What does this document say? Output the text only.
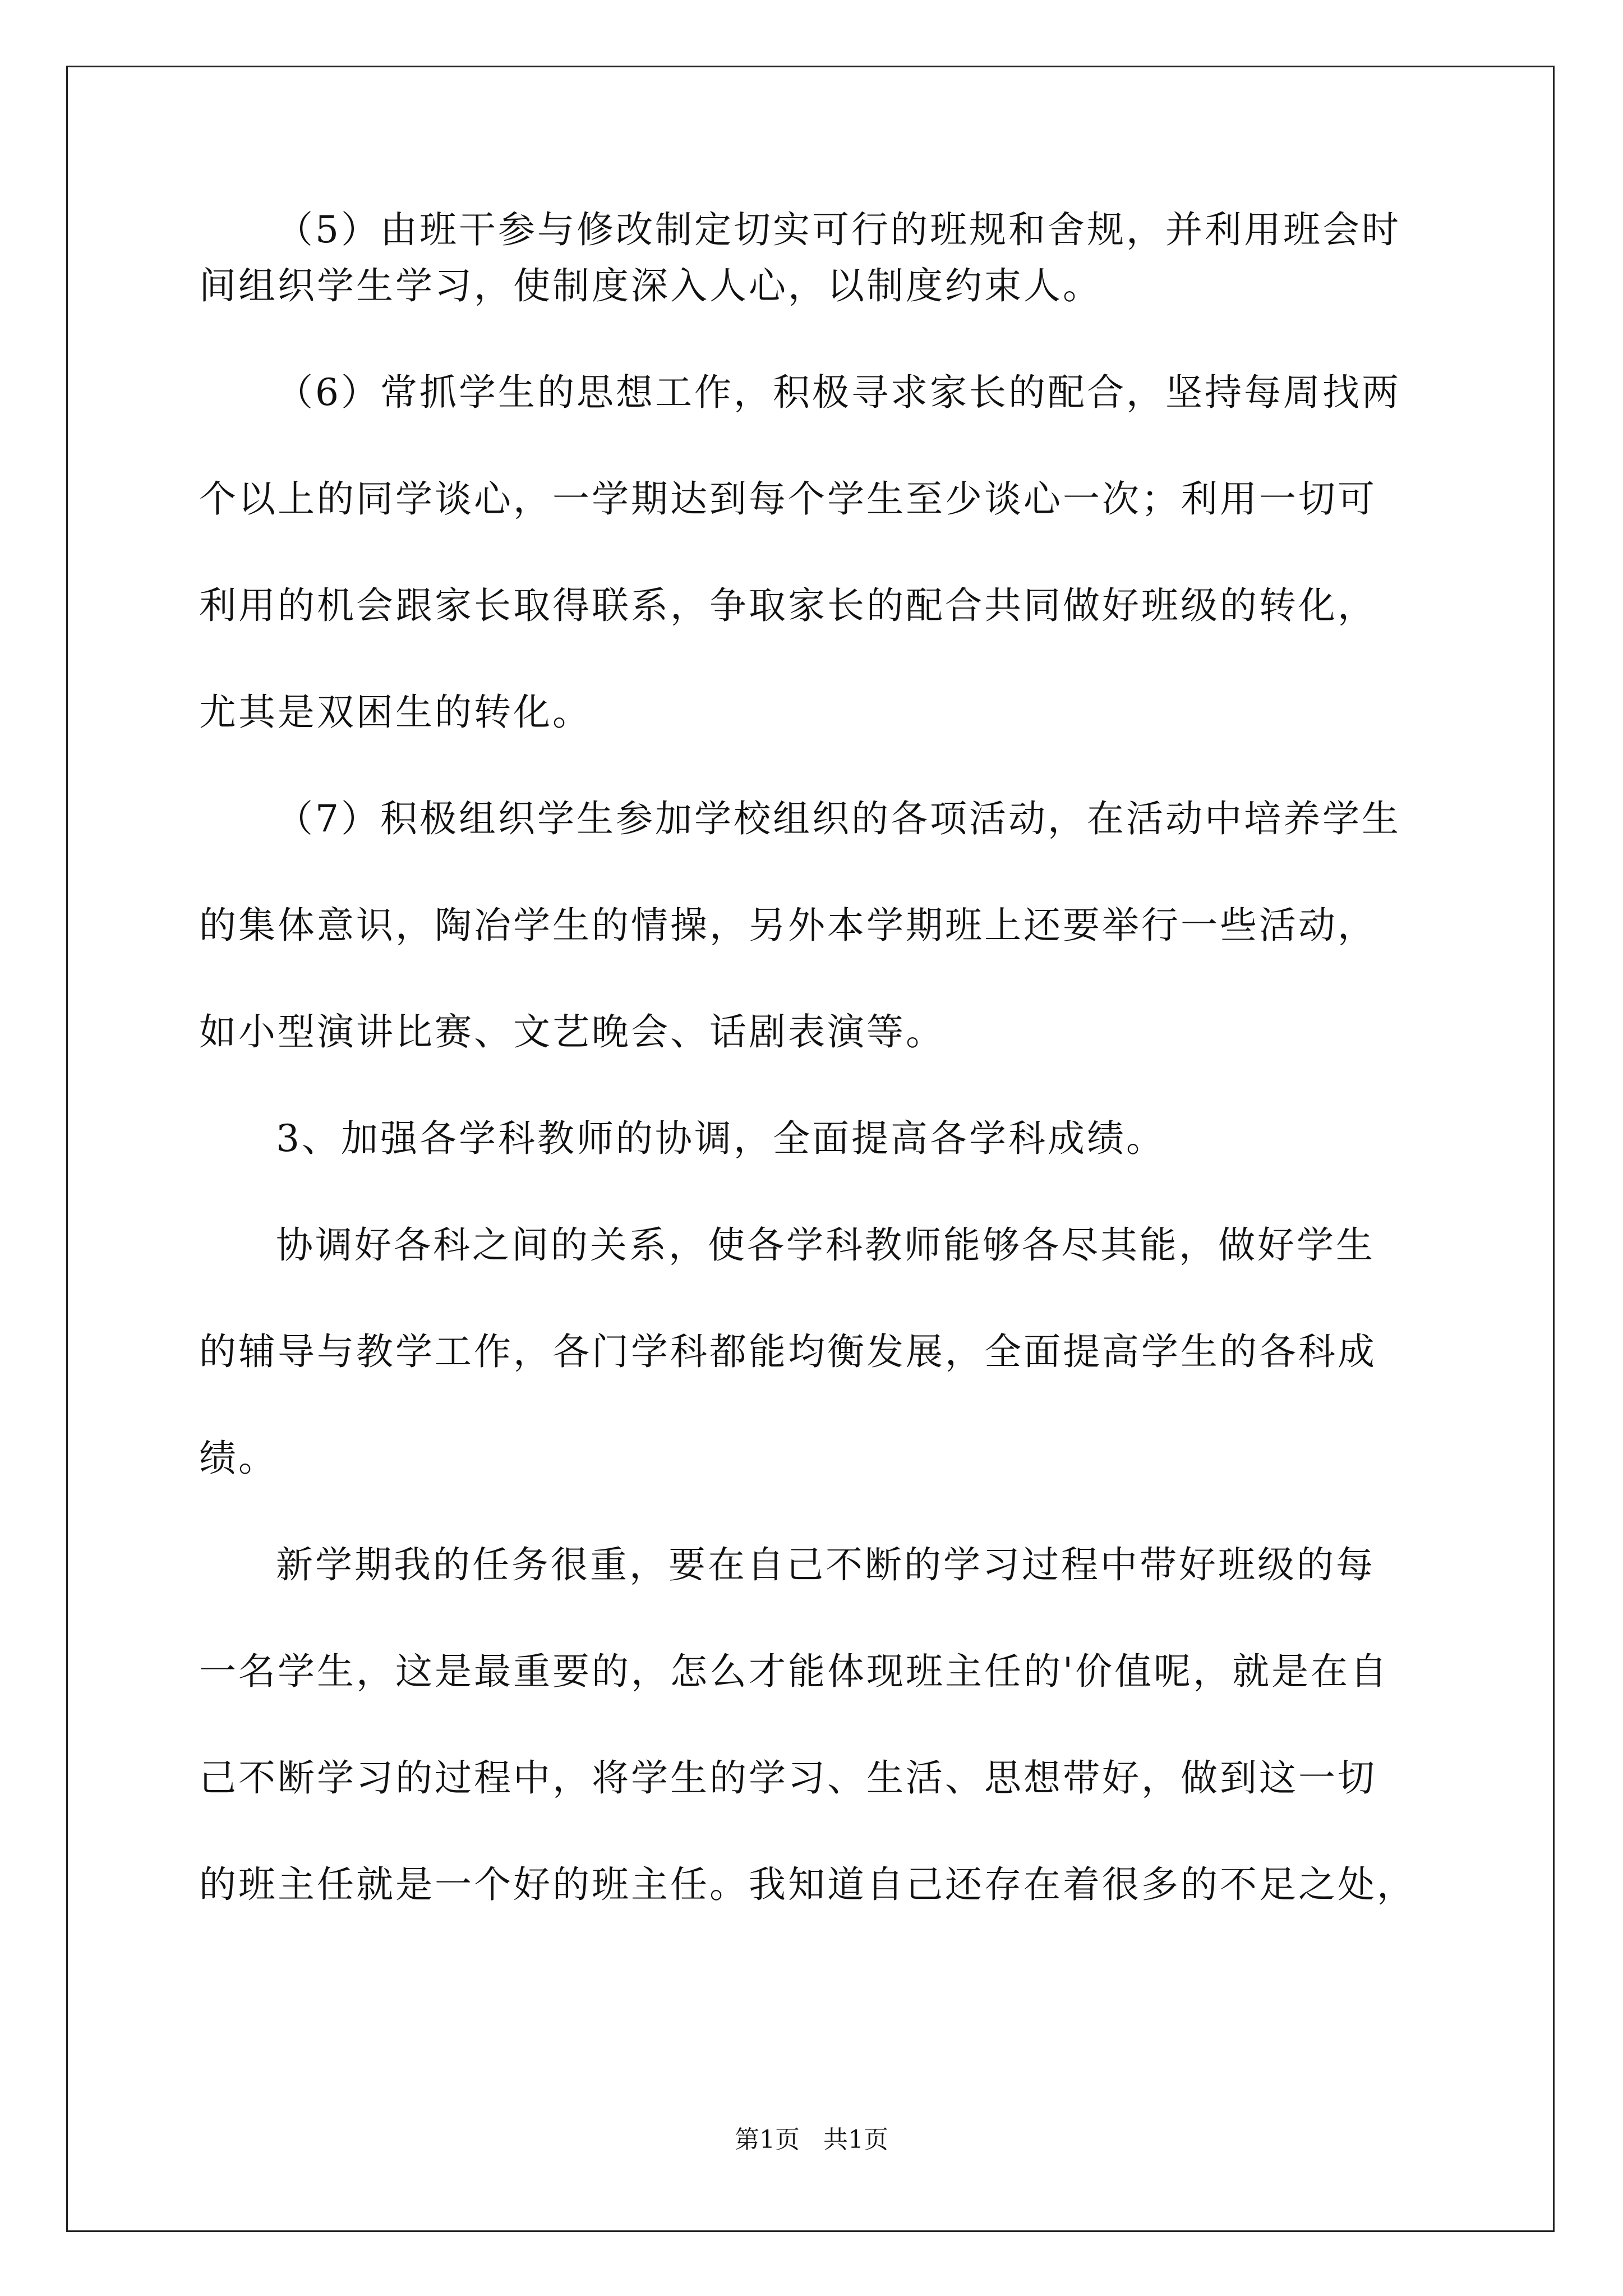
（5）由班干参与修改制定切实可行的班规和舍规，并利用班会时

间组织学生学习，使制度深入人心，以制度约束人。

（6）常抓学生的思想工作，积极寻求家长的配合，坚持每周找两

个以上的同学谈心，一学期达到每个学生至少谈心一次；利用一切可

利用的机会跟家长取得联系，争取家长的配合共同做好班级的转化，

尤其是双困生的转化。

（7）积极组织学生参加学校组织的各项活动，在活动中培养学生

的集体意识，陶冶学生的情操，另外本学期班上还要举行一些活动，

如小型演讲比赛、文艺晚会、话剧表演等。

3、加强各学科教师的协调，全面提高各学科成绩。

协调好各科之间的关系，使各学科教师能够各尽其能，做好学生

的辅导与教学工作，各门学科都能均衡发展，全面提高学生的各科成

绩。

新学期我的任务很重，要在自己不断的学习过程中带好班级的每

一名学生，这是最重要的，怎么才能体现班主任的'价值呢，就是在自

己不断学习的过程中，将学生的学习、生活、思想带好，做到这一切

的班主任就是一个好的班主任。我知道自己还存在着很多的不足之处，

第1页   共1页
